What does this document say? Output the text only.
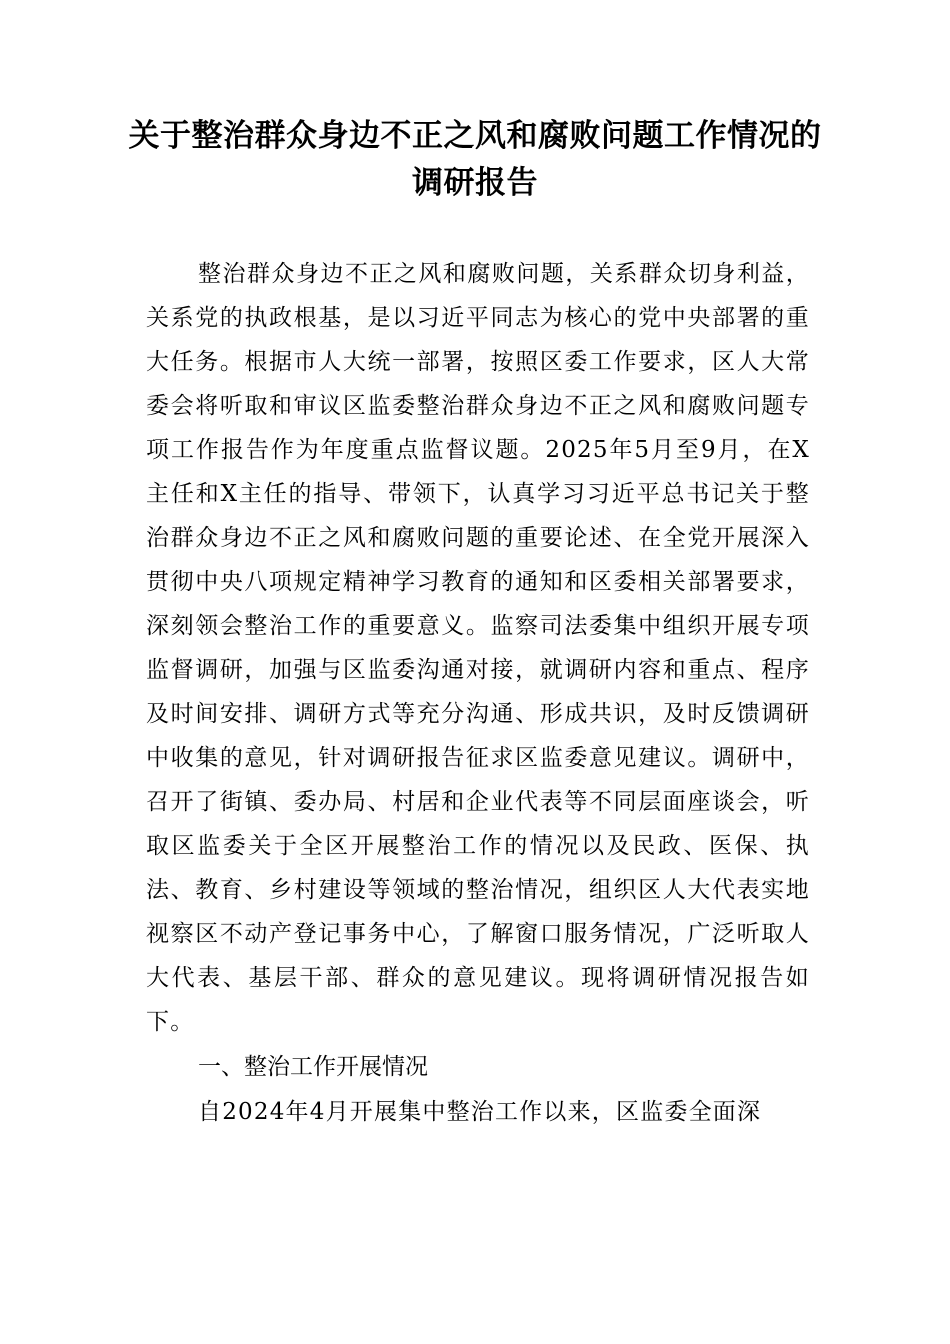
关于整治群众身边不正之风和腐败问题工作情况的调研报告

整治群众身边不正之风和腐败问题，关系群众切身利益，关系党的执政根基，是以习近平同志为核心的党中央部署的重大任务。根据市人大统一部署，按照区委工作要求，区人大常委会将听取和审议区监委整治群众身边不正之风和腐败问题专项工作报告作为年度重点监督议题。2025年5月至9月，在X主任和X主任的指导、带领下，认真学习习近平总书记关于整治群众身边不正之风和腐败问题的重要论述、在全党开展深入贯彻中央八项规定精神学习教育的通知和区委相关部署要求，深刻领会整治工作的重要意义。监察司法委集中组织开展专项监督调研，加强与区监委沟通对接，就调研内容和重点、程序及时间安排、调研方式等充分沟通、形成共识，及时反馈调研中收集的意见，针对调研报告征求区监委意见建议。调研中，召开了街镇、委办局、村居和企业代表等不同层面座谈会，听取区监委关于全区开展整治工作的情况以及民政、医保、执法、教育、乡村建设等领域的整治情况，组织区人大代表实地视察区不动产登记事务中心，了解窗口服务情况，广泛听取人大代表、基层干部、群众的意见建议。现将调研情况报告如下。

一、整治工作开展情况

自2024年4月开展集中整治工作以来，区监委全面深
